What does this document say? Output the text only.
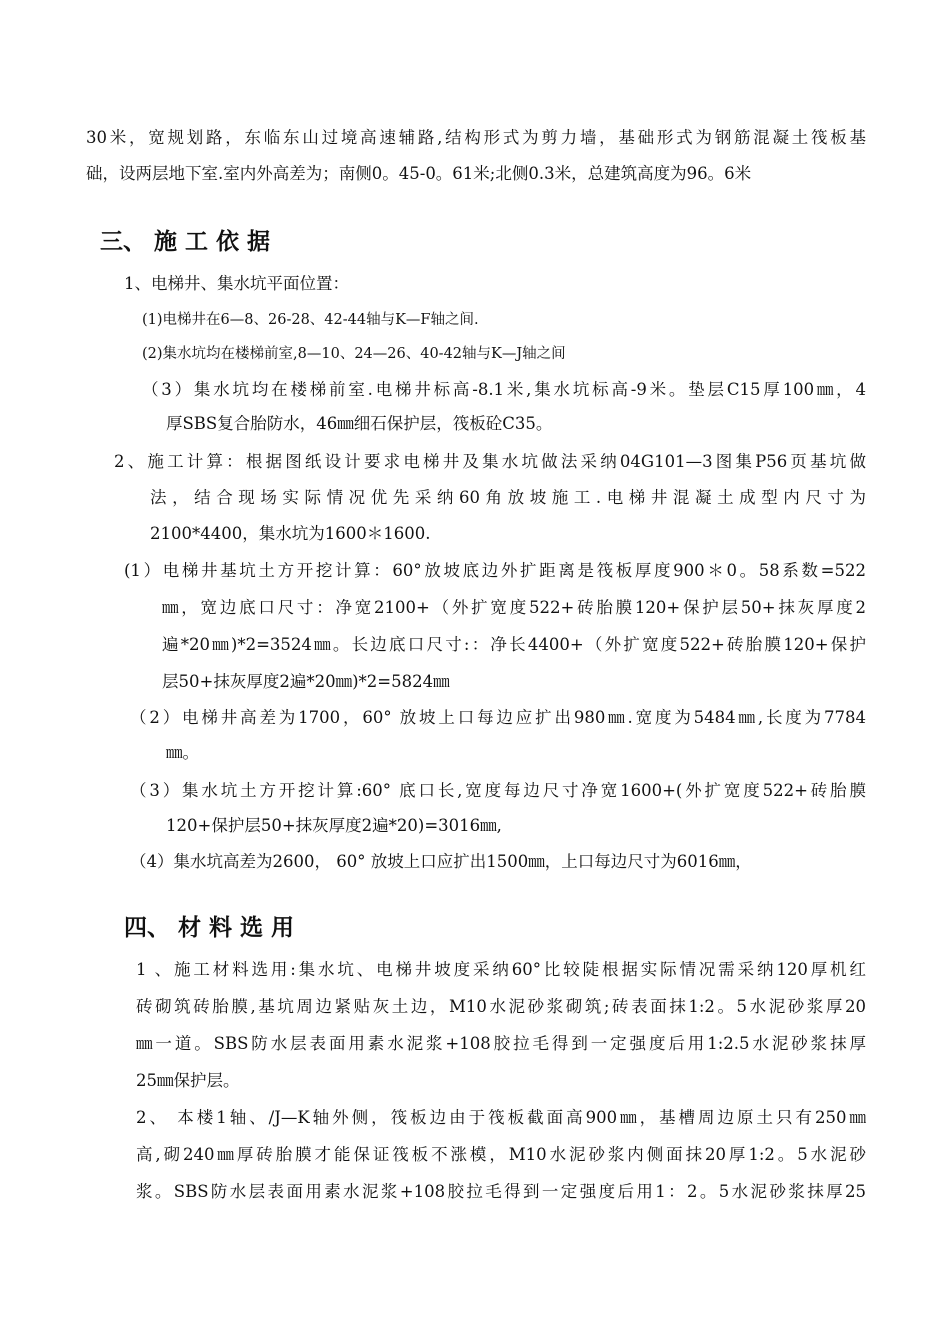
30米，宽规划路，东临东山过境高速辅路,结构形式为剪力墙，基础形式为钢筋混凝土筏板基
础，设两层地下室.室内外高差为；南侧0。45-0。61米;北侧0.3米，总建筑高度为96。6米
三、 施 工 依 据
1、电梯井、集水坑平面位置：
(1)电梯井在6—8、26-28、42-44轴与K—F轴之间.
(2)集水坑均在楼梯前室,8—10、24—26、40-42轴与K—J轴之间
（3）集水坑均在楼梯前室.电梯井标高-8.1米,集水坑标高-9米。垫层C15厚100㎜，4
厚SBS复合胎防水，46㎜细石保护层，筏板砼C35。
2、施工计算：根据图纸设计要求电梯井及集水坑做法采纳04G101—3图集P56页基坑做
法，结合现场实际情况优先采纳60角放坡施工.电梯井混凝土成型内尺寸为
2100*4400，集水坑为1600＊1600.
(1）电梯井基坑土方开挖计算：60°放坡底边外扩距离是筏板厚度900＊0。58系数=522
㎜，宽边底口尺寸：净宽2100+（外扩宽度522+砖胎膜120+保护层50+抹灰厚度2
遍*20㎜)*2=3524㎜。长边底口尺寸:：净长4400+（外扩宽度522+砖胎膜120+保护
层50+抹灰厚度2遍*20㎜)*2=5824㎜
（2）电梯井高差为1700，60° 放坡上口每边应扩出980㎜.宽度为5484㎜,长度为7784
㎜。
（3）集水坑土方开挖计算:60° 底口长,宽度每边尺寸净宽1600+(外扩宽度522+砖胎膜
120+保护层50+抹灰厚度2遍*20)=3016㎜,
（4）集水坑高差为2600， 60° 放坡上口应扩出1500㎜，上口每边尺寸为6016㎜，
四、 材 料 选 用
1 、施工材料选用:集水坑、电梯井坡度采纳60°比较陡根据实际情况需采纳120厚机红
砖砌筑砖胎膜,基坑周边紧贴灰土边，M10水泥砂浆砌筑;砖表面抹1:2。5水泥砂浆厚20
㎜一道。SBS防水层表面用素水泥浆+108胶拉毛得到一定强度后用1:2.5水泥砂浆抹厚
25㎜保护层。
2、 本楼1轴、/J—K轴外侧，筏板边由于筏板截面高900㎜，基槽周边原土只有250㎜
高,砌240㎜厚砖胎膜才能保证筏板不涨模，M10水泥砂浆内侧面抹20厚1:2。5水泥砂
浆。SBS防水层表面用素水泥浆+108胶拉毛得到一定强度后用1：2。5水泥砂浆抹厚25
